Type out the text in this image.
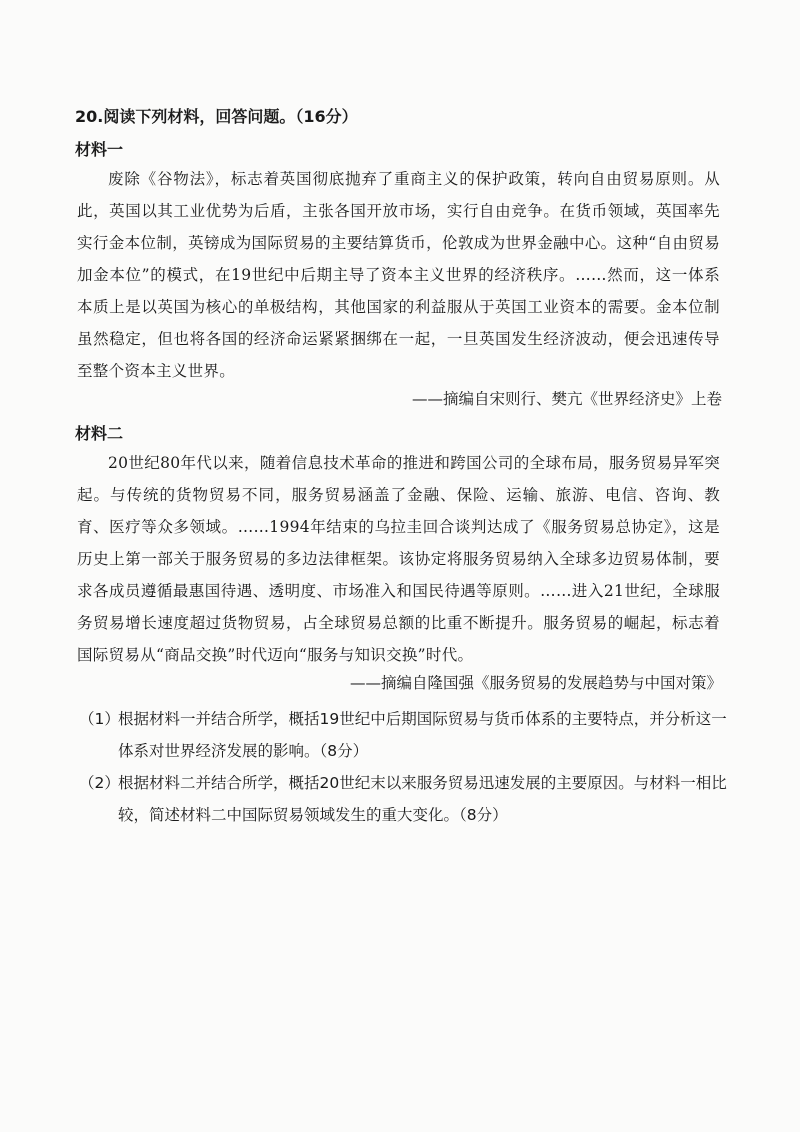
20.阅读下列材料，回答问题。（16分）
材料一

废除《谷物法》，标志着英国彻底抛弃了重商主义的保护政策，转向自由贸易原则。从此，英国以其工业优势为后盾，主张各国开放市场，实行自由竞争。在货币领域，英国率先实行金本位制，英镑成为国际贸易的主要结算货币，伦敦成为世界金融中心。这种“自由贸易加金本位”的模式，在19世纪中后期主导了资本主义世界的经济秩序。……然而，这一体系本质上是以英国为核心的单极结构，其他国家的利益服从于英国工业资本的需要。金本位制虽然稳定，但也将各国的经济命运紧紧捆绑在一起，一旦英国发生经济波动，便会迅速传导至整个资本主义世界。

——摘编自宋则行、樊亢《世界经济史》上卷
材料二

20世纪80年代以来，随着信息技术革命的推进和跨国公司的全球布局，服务贸易异军突起。与传统的货物贸易不同，服务贸易涵盖了金融、保险、运输、旅游、电信、咨询、教育、医疗等众多领域。……1994年结束的乌拉圭回合谈判达成了《服务贸易总协定》，这是历史上第一部关于服务贸易的多边法律框架。该协定将服务贸易纳入全球多边贸易体制，要求各成员遵循最惠国待遇、透明度、市场准入和国民待遇等原则。……进入21世纪，全球服务贸易增长速度超过货物贸易，占全球贸易总额的比重不断提升。服务贸易的崛起，标志着国际贸易从“商品交换”时代迈向“服务与知识交换”时代。

——摘编自隆国强《服务贸易的发展趋势与中国对策》
（1）
根据材料一并结合所学，概括19世纪中后期国际贸易与货币体系的主要特点，并分析这一体系对世界经济发展的影响。（8分）
（2）
根据材料二并结合所学，概括20世纪末以来服务贸易迅速发展的主要原因。与材料一相比较，简述材料二中国际贸易领域发生的重大变化。（8分）
